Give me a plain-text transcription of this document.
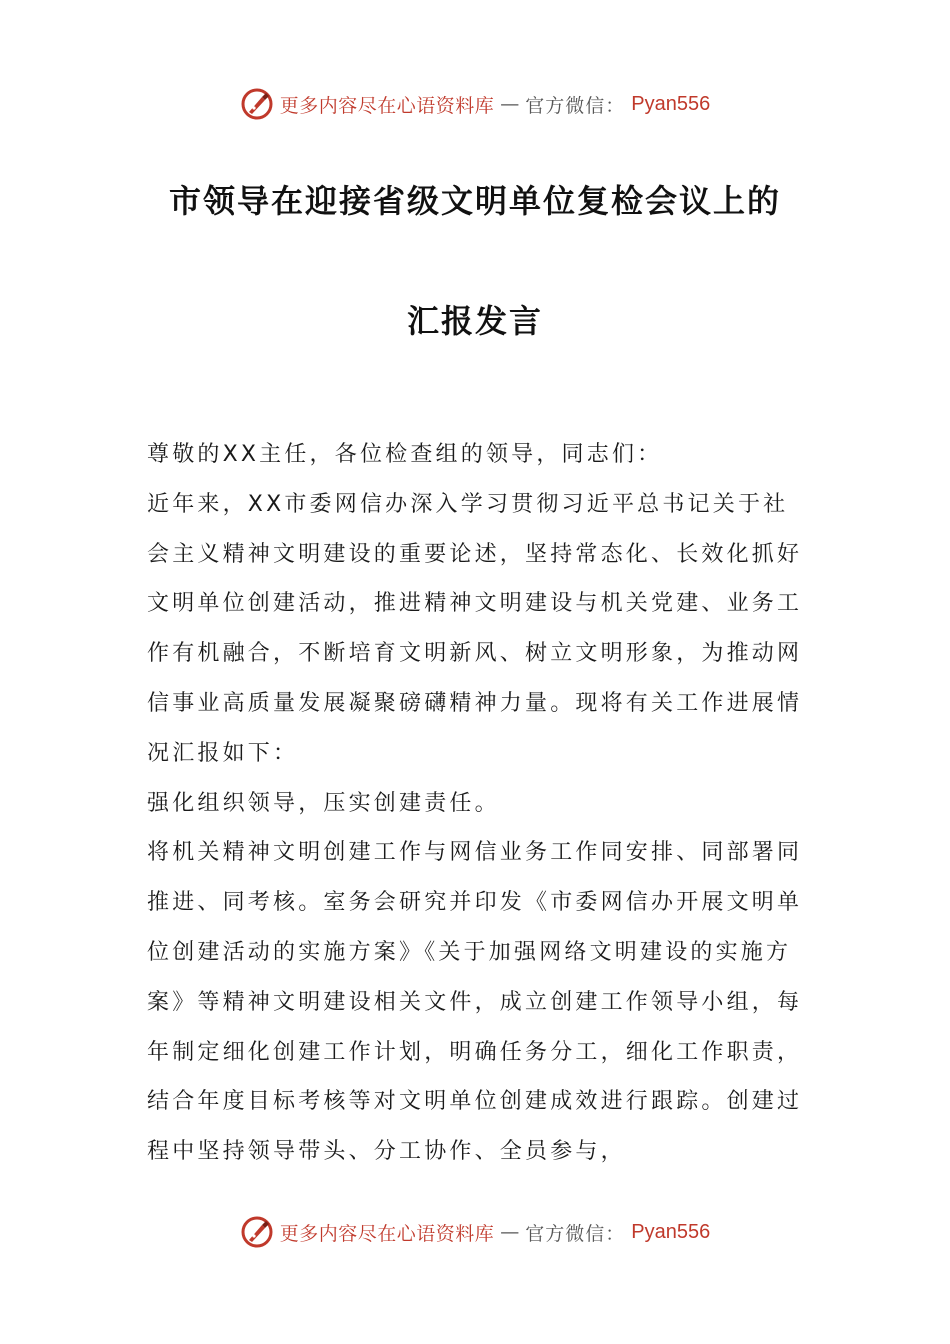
更多内容尽在心语资料库 — 官方微信： Pyan556
市领导在迎接省级文明单位复检会议上的
汇报发言

尊敬的XX主任，各位检查组的领导，同志们：

近年来，XX市委网信办深入学习贯彻习近平总书记关于社会主义精神文明建设的重要论述，坚持常态化、长效化抓好文明单位创建活动，推进精神文明建设与机关党建、业务工作有机融合，不断培育文明新风、树立文明形象，为推动网信事业高质量发展凝聚磅礴精神力量。现将有关工作进展情况汇报如下：

强化组织领导，压实创建责任。

将机关精神文明创建工作与网信业务工作同安排、同部署同推进、同考核。室务会研究并印发《市委网信办开展文明单位创建活动的实施方案》《关于加强网络文明建设的实施方案》等精神文明建设相关文件，成立创建工作领导小组，每年制定细化创建工作计划，明确任务分工，细化工作职责，结合年度目标考核等对文明单位创建成效进行跟踪。创建过程中坚持领导带头、分工协作、全员参与，

更多内容尽在心语资料库 — 官方微信： Pyan556
